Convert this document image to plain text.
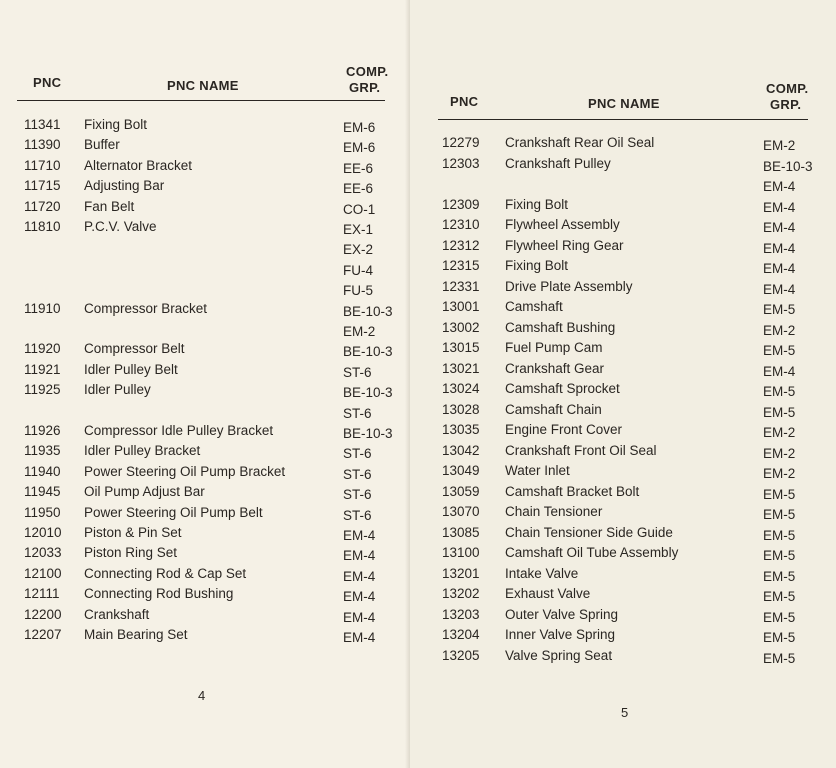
PNC	PNC NAME
COMP.
GRP.
11341 Fixing Bolt	EM-6
11390 Buffer	EM-6
11710 Alternator Bracket	EE-6
11715 Adjusting Bar	EE-6
11720 Fan Belt	CO-1
11810 P.C.V. Valve	EX-1
EX-2
FU-4
FU-5
11910 Compressor Bracket	BE-10-3
EM-2
11920 Compressor Belt	BE-10-3
11921 Idler Pulley Belt	ST-6
11925 Idler Pulley	BE-10-3
ST-6
11926 Compressor Idle Pulley Bracket	BE-10-3
11935 Idler Pulley Bracket	ST-6
11940 Power Steering Oil Pump Bracket	ST-6
11945 Oil Pump Adjust Bar	ST-6
11950 Power Steering Oil Pump Belt	ST-6
12010 Piston & Pin Set	EM-4
12033 Piston Ring Set	EM-4
12100 Connecting Rod & Cap Set	EM-4
12111 Connecting Rod Bushing	EM-4
12200 Crankshaft	EM-4
12207 Main Bearing Set	EM-4
4
PNC	PNC NAME
COMP.
GRP.
12279 Crankshaft Rear Oil Seal	EM-2
12303 Crankshaft Pulley	BE-10-3
EM-4
12309 Fixing Bolt	EM-4
12310 Flywheel Assembly	EM-4
12312 Flywheel Ring Gear	EM-4
12315 Fixing Bolt	EM-4
12331 Drive Plate Assembly	EM-4
13001 Camshaft	EM-5
13002 Camshaft Bushing	EM-2
13015 Fuel Pump Cam	EM-5
13021 Crankshaft Gear	EM-4
13024 Camshaft Sprocket	EM-5
13028 Camshaft Chain	EM-5
13035 Engine Front Cover	EM-2
13042 Crankshaft Front Oil Seal	EM-2
13049 Water Inlet	EM-2
13059 Camshaft Bracket Bolt	EM-5
13070 Chain Tensioner	EM-5
13085 Chain Tensioner Side Guide	EM-5
13100 Camshaft Oil Tube Assembly	EM-5
13201 Intake Valve	EM-5
13202 Exhaust Valve	EM-5
13203 Outer Valve Spring	EM-5
13204 Inner Valve Spring	EM-5
13205 Valve Spring Seat	EM-5
5
